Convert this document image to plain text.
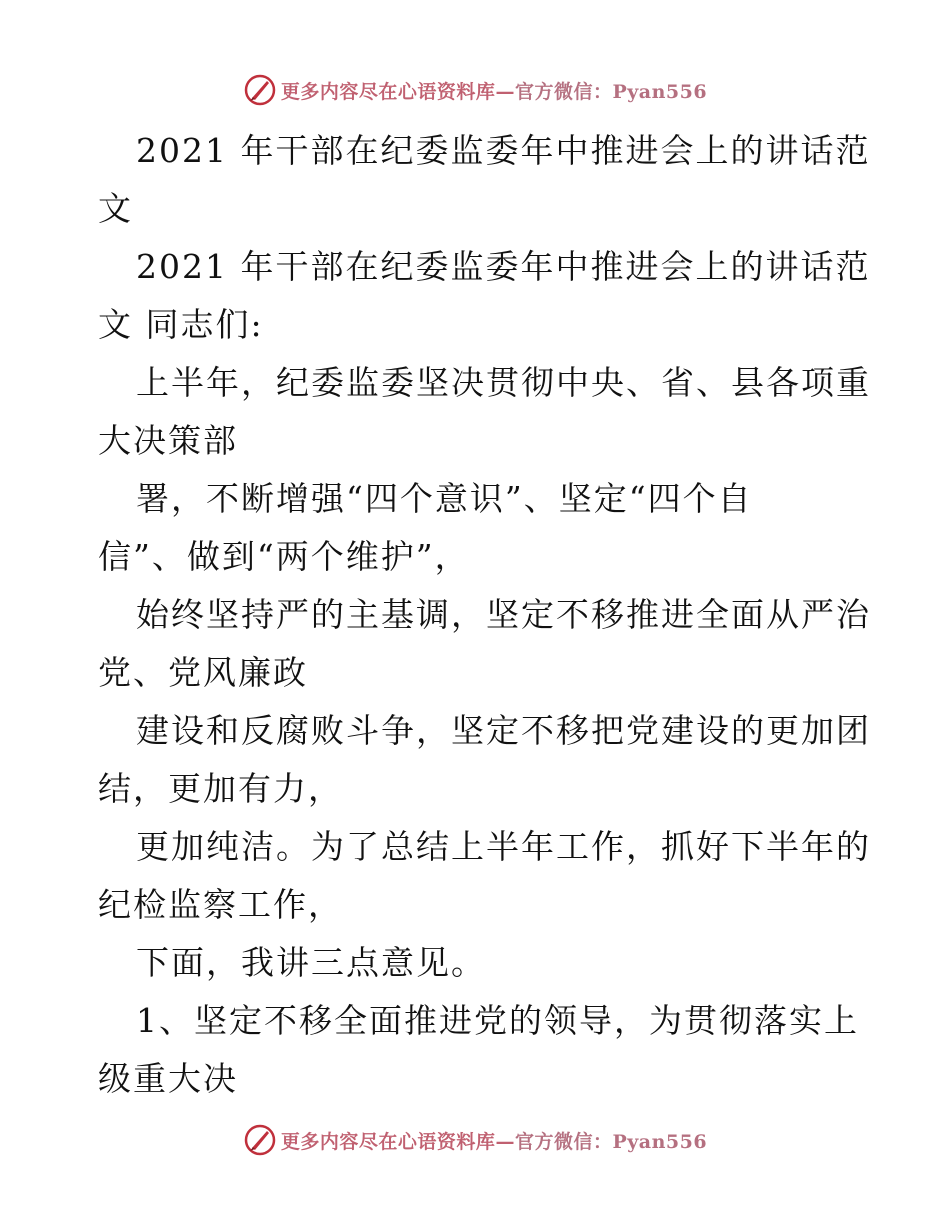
更多内容尽在心语资料库—官方微信：Pyan556
2021 年干部在纪委监委年中推进会上的讲话范
文
2021 年干部在纪委监委年中推进会上的讲话范
文 同志们:
上半年，纪委监委坚决贯彻中央、省、县各项重
大决策部
署，不断增强“四个意识”、坚定“四个自
信”、做到“两个维护”，
始终坚持严的主基调，坚定不移推进全面从严治
党、党风廉政
建设和反腐败斗争，坚定不移把党建设的更加团
结，更加有力，
更加纯洁。为了总结上半年工作，抓好下半年的
纪检监察工作，
下面，我讲三点意见。
1、坚定不移全面推进党的领导，为贯彻落实上
级重大决
更多内容尽在心语资料库—官方微信：Pyan556
